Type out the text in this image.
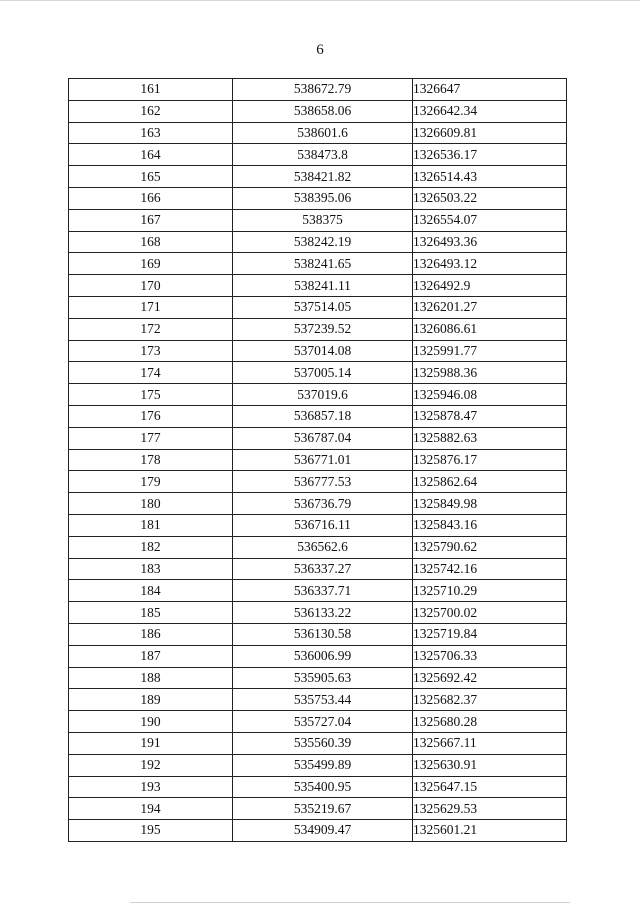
6
161	538672.79	1326647
162	538658.06	1326642.34
163	538601.6	1326609.81
164	538473.8	1326536.17
165	538421.82	1326514.43
166	538395.06	1326503.22
167	538375	1326554.07
168	538242.19	1326493.36
169	538241.65	1326493.12
170	538241.11	1326492.9
171	537514.05	1326201.27
172	537239.52	1326086.61
173	537014.08	1325991.77
174	537005.14	1325988.36
175	537019.6	1325946.08
176	536857.18	1325878.47
177	536787.04	1325882.63
178	536771.01	1325876.17
179	536777.53	1325862.64
180	536736.79	1325849.98
181	536716.11	1325843.16
182	536562.6	1325790.62
183	536337.27	1325742.16
184	536337.71	1325710.29
185	536133.22	1325700.02
186	536130.58	1325719.84
187	536006.99	1325706.33
188	535905.63	1325692.42
189	535753.44	1325682.37
190	535727.04	1325680.28
191	535560.39	1325667.11
192	535499.89	1325630.91
193	535400.95	1325647.15
194	535219.67	1325629.53
195	534909.47	1325601.21
